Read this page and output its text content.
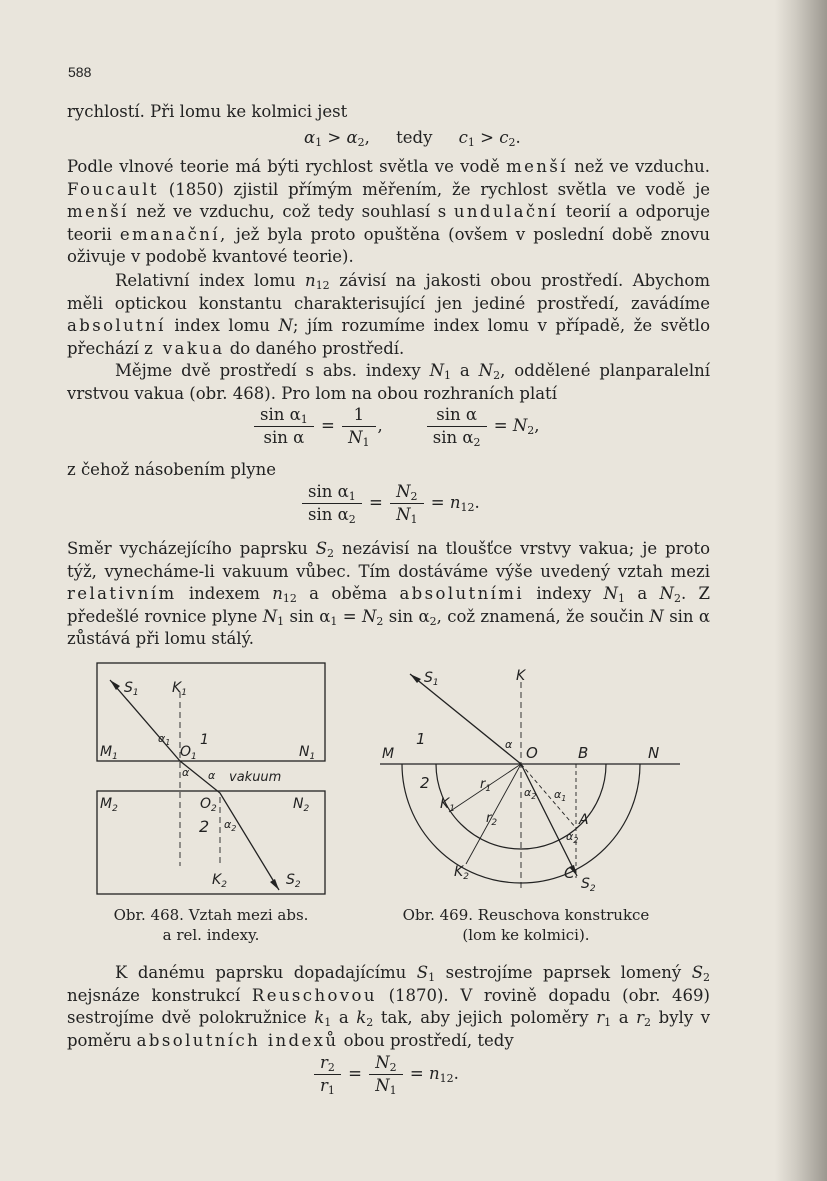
588
rychlostí. Při lomu ke kolmici jest
$\alpha_1 > \alpha_2$, tedy $c_1 > c_2$.
Podle vlnové teorie má býti rychlost světla ve vodě menší než ve vzduchu. Foucault (1850) zjistil přímým měřením, že rychlost světla ve vodě je menší než ve vzduchu, což tedy souhlasí s undulační teorií a odporuje teorii emanační, jež byla proto opuštěna (ovšem v poslední době znovu oživuje v podobě kvantové teorie).
Relativní index lomu $n_{12}$ závisí na jakosti obou prostředí. Abychom měli optickou konstantu charakterisující jen jediné prostředí, zavádíme absolutní index lomu N; jím rozumíme index lomu v případě, že světlo přechází z vakua do daného prostředí.
Mějme dvě prostředí s abs. indexy $N_1$ a $N_2$, oddělené planparalelní vrstvou vakua (obr. 468). Pro lom na obou rozhraních platí
$\frac{\sin \alpha_1}{\text{sin α}} = \frac{1}{N_1}$ ,	$\frac{\text{sin α}}{\sin \alpha_2} = N_2$,
z čehož násobením plyne
$\frac{\sin \alpha_1}{\sin \alpha_2} = \frac{N_2}{N_1} = n_{12}$.
Směr vycházejícího paprsku $S_2$ nezávisí na tloušťce vrstvy vakua; je proto týž, vynecháme-li vakuum vůbec. Tím dostáváme výše uvedený vztah mezi relativním indexem $n_{12}$ a oběma absolutními indexy $N_1$ a $N_2$. Z předešlé rovnice plyne $N_1$ $\sin \alpha_1 = N_2$ $\sin \alpha_2$, což znamená, že součin N sin α zůstává při lomu stálý.
$S_1$ $K_1$
$\alpha_1$
$O_1$
1
$M_1$	$N_1$
α α vakuum
$M_2$	$O_2$	$N_2$
$\alpha_2$
2
$K_2$	$S_2$
$S_1$	K
M
1	α O	B	N
2	$r_1$	$\alpha_2$ $\alpha_1$
$K_1$
$r_2$	A
$\alpha_2$
$K_2$	C
$S_2$
Obr. 468. Vztah mezi abs.
a rel. indexy.
Obr. 469. Reuschova konstrukce
(lom ke kolmici).
K danému paprsku dopadajícímu $S_1$ sestrojíme paprsek lomený $S_2$ nejsnáze konstrukcí Reuschovou (1870). V rovině dopadu (obr. 469) sestrojíme dvě polokružnice $k_1$ a $k_2$ tak, aby jejich poloměry $r_1$ a $r_2$ byly v poměru absolutních indexů obou prostředí, tedy
$\frac{r_2}{r_1} = \frac{N_2}{N_1} = n_{12}$.
